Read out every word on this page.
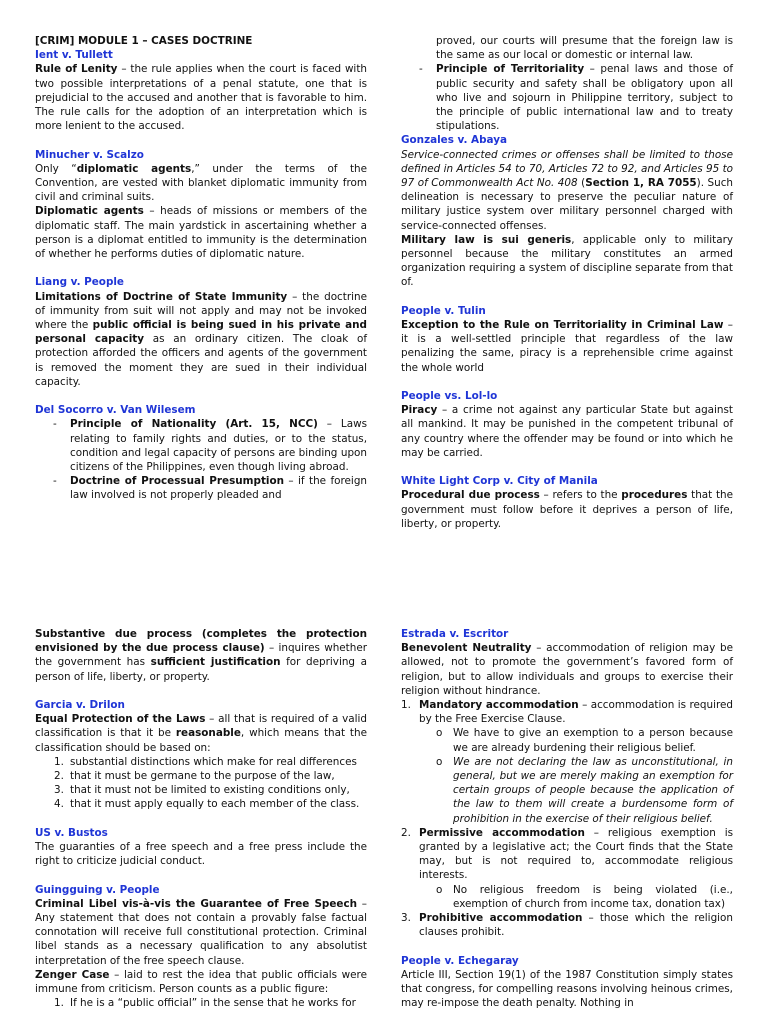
[CRIM] MODULE 1 – CASES DOCTRINE

Ient v. Tullett

Rule of Lenity – the rule applies when the court is faced with two possible interpretations of a penal statute, one that is prejudicial to the accused and another that is favorable to him. The rule calls for the adoption of an interpretation which is more lenient to the accused.

Minucher v. Scalzo

Only “diplomatic agents,” under the terms of the Convention, are vested with blanket diplomatic immunity from civil and criminal suits.

Diplomatic agents – heads of missions or members of the diplomatic staff. The main yardstick in ascertaining whether a person is a diplomat entitled to immunity is the determination of whether he performs duties of diplomatic nature.

Liang v. People

Limitations of Doctrine of State Immunity – the doctrine of immunity from suit will not apply and may not be invoked where the public official is being sued in his private and personal capacity as an ordinary citizen. The cloak of protection afforded the officers and agents of the government is removed the moment they are sued in their individual capacity.

Del Socorro v. Van Wilesem

-	Principle of Nationality (Art. 15, NCC) – Laws relating to family rights and duties, or to the status, condition and legal capacity of persons are binding upon citizens of the Philippines, even though living abroad.
-	Doctrine of Processual Presumption – if the foreign law involved is not properly pleaded and

proved, our courts will presume that the foreign law is the same as our local or domestic or internal law.

-	Principle of Territoriality – penal laws and those of public security and safety shall be obligatory upon all who live and sojourn in Philippine territory, subject to the principle of public international law and to treaty stipulations.

Gonzales v. Abaya

Service-connected crimes or offenses shall be limited to those defined in Articles 54 to 70, Articles 72 to 92, and Articles 95 to 97 of Commonwealth Act No. 408 (Section 1, RA 7055). Such delineation is necessary to preserve the peculiar nature of military justice system over military personnel charged with service-connected offenses.

Military law is sui generis, applicable only to military personnel because the military constitutes an armed organization requiring a system of discipline separate from that of.

People v. Tulin

Exception to the Rule on Territoriality in Criminal Law – it is a well-settled principle that regardless of the law penalizing the same, piracy is a reprehensible crime against the whole world

People vs. Lol-lo

Piracy – a crime not against any particular State but against all mankind. It may be punished in the competent tribunal of any country where the offender may be found or into which he may be carried.

White Light Corp v. City of Manila

Procedural due process – refers to the procedures that the government must follow before it deprives a person of life, liberty, or property.

Substantive due process (completes the protection envisioned by the due process clause) – inquires whether the government has sufficient justification for depriving a person of life, liberty, or property.

Garcia v. Drilon

Equal Protection of the Laws – all that is required of a valid classification is that it be reasonable, which means that the classification should be based on:

1. substantial distinctions which make for real differences
2. that it must be germane to the purpose of the law,
3. that it must not be limited to existing conditions only,
4. that it must apply equally to each member of the class.

US v. Bustos

The guaranties of a free speech and a free press include the right to criticize judicial conduct.

Guingguing v. People

Criminal Libel vis-à-vis the Guarantee of Free Speech – Any statement that does not contain a provably false factual connotation will receive full constitutional protection. Criminal libel stands as a necessary qualification to any absolutist interpretation of the free speech clause.

Zenger Case – laid to rest the idea that public officials were immune from criticism. Person counts as a public figure:

1. If he is a “public official” in the sense that he works for

Estrada v. Escritor

Benevolent Neutrality – accommodation of religion may be allowed, not to promote the government’s favored form of religion, but to allow individuals and groups to exercise their religion without hindrance.

1. Mandatory accommodation – accommodation is required by the Free Exercise Clause.
o	We have to give an exemption to a person because we are already burdening their religious belief.
o	We are not declaring the law as unconstitutional, in general, but we are merely making an exemption for certain groups of people because the application of the law to them will create a burdensome form of prohibition in the exercise of their religious belief.
2. Permissive accommodation – religious exemption is granted by a legislative act; the Court finds that the State may, but is not required to, accommodate religious interests.
o	No religious freedom is being violated (i.e., exemption of church from income tax, donation tax)
3. Prohibitive accommodation – those which the religion clauses prohibit.

People v. Echegaray

Article III, Section 19(1) of the 1987 Constitution simply states that congress, for compelling reasons involving heinous crimes, may re-impose the death penalty. Nothing in
